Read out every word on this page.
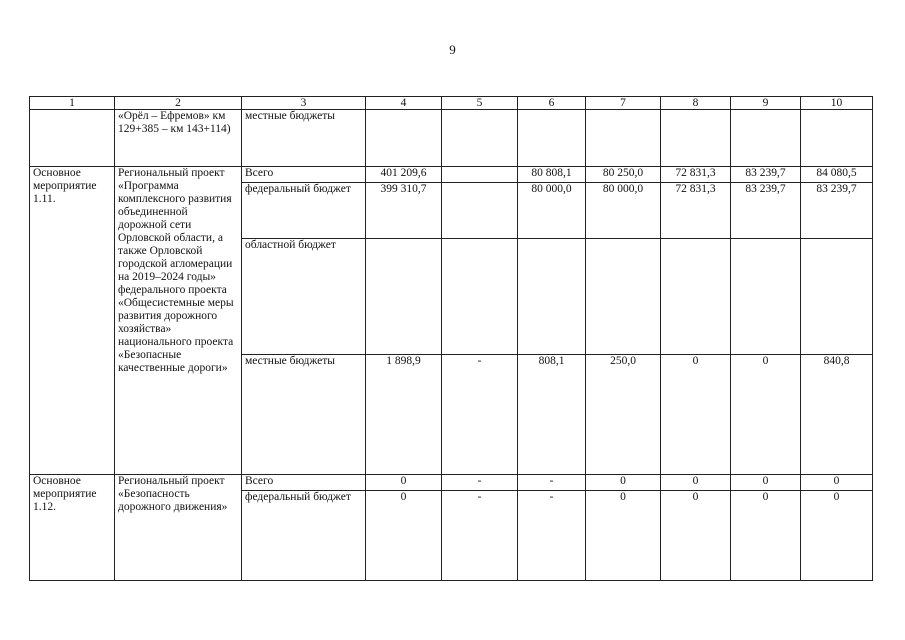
9
1	2	3	4	5	6	7	8	9	10
	«Орёл – Ефремов» км 129+385 – км 143+114)	местные бюджеты							
Основное мероприятие 1.11.	Региональный проект «Программа комплексного развития объединенной дорожной сети Орловской области, а также Орловской городской агломерации на 2019–2024 годы» федерального проекта «Общесистемные меры развития дорожного хозяйства» национального проекта «Безопасные качественные дороги»	Всего	401 209,6		80 808,1	80 250,0	72 831,3	83 239,7	84 080,5
		федеральный бюджет	399 310,7		80 000,0	80 000,0	72 831,3	83 239,7	83 239,7
		областной бюджет							
		местные бюджеты	1 898,9	-	808,1	250,0	0	0	840,8
Основное мероприятие 1.12.	Региональный проект «Безопасность дорожного движения»	Всего	0	-	-	0	0	0	0
		федеральный бюджет	0	-	-	0	0	0	0
